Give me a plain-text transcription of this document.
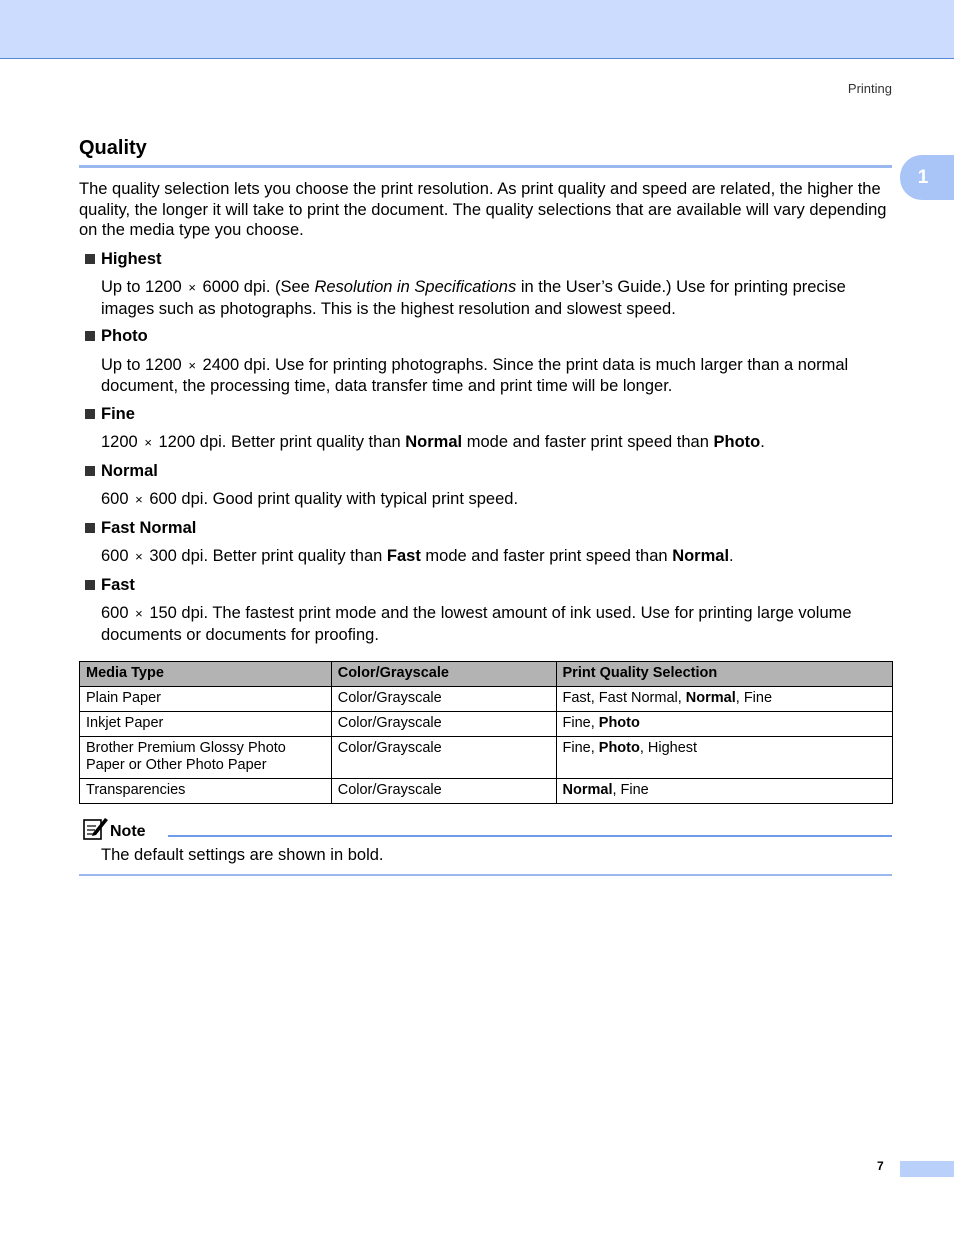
Printing
1
Quality

The quality selection lets you choose the print resolution. As print quality and speed are related, the higher the quality, the longer it will take to print the document. The quality selections that are available will vary depending on the media type you choose.

Highest

Up to 1200 × 6000 dpi. (See Resolution in Specifications in the User’s Guide.) Use for printing precise images such as photographs. This is the highest resolution and slowest speed.

Photo

Up to 1200 × 2400 dpi. Use for printing photographs. Since the print data is much larger than a normal document, the processing time, data transfer time and print time will be longer.

Fine

1200 × 1200 dpi. Better print quality than Normal mode and faster print speed than Photo.

Normal

600 × 600 dpi. Good print quality with typical print speed.

Fast Normal

600 × 300 dpi. Better print quality than Fast mode and faster print speed than Normal.

Fast

600 × 150 dpi. The fastest print mode and the lowest amount of ink used. Use for printing large volume documents or documents for proofing.

Media Type	Color/Grayscale	Print Quality Selection
Plain Paper	Color/Grayscale	Fast, Fast Normal, Normal, Fine
Inkjet Paper	Color/Grayscale	Fine, Photo
Brother Premium Glossy Photo Paper or Other Photo Paper	Color/Grayscale	Fine, Photo, Highest
Transparencies	Color/Grayscale	Normal, Fine
Note
The default settings are shown in bold.
7
